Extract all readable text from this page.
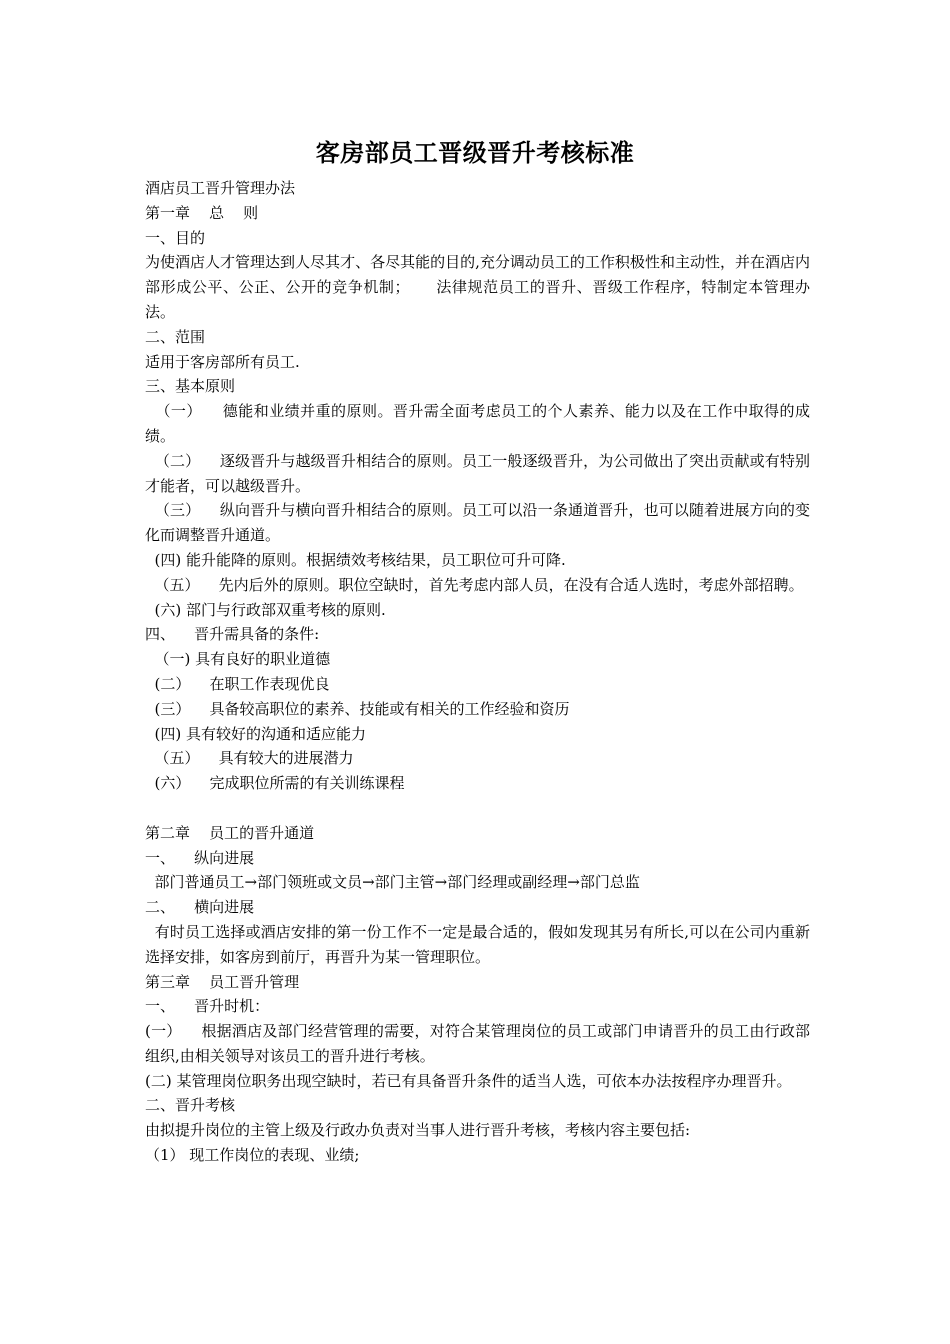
客房部员工晋级晋升考核标准

酒店员工晋升管理办法

第一章    总    则

一、目的

为使酒店人才管理达到人尽其才、各尽其能的目的,充分调动员工的工作积极性和主动性，并在酒店内部形成公平、公正、公开的竞争机制；     法律规范员工的晋升、晋级工作程序，特制定本管理办法。

二、范围

适用于客房部所有员工.

三、基本原则

（一）    德能和业绩并重的原则。晋升需全面考虑员工的个人素养、能力以及在工作中取得的成绩。

（二）    逐级晋升与越级晋升相结合的原则。员工一般逐级晋升，为公司做出了突出贡献或有特别才能者，可以越级晋升。

（三）    纵向晋升与横向晋升相结合的原则。员工可以沿一条通道晋升，也可以随着进展方向的变化而调整晋升通道。

(四) 能升能降的原则。根据绩效考核结果，员工职位可升可降.

（五）    先内后外的原则。职位空缺时，首先考虑内部人员，在没有合适人选时，考虑外部招聘。

(六) 部门与行政部双重考核的原则.

四、    晋升需具备的条件:

（一) 具有良好的职业道德

(二）    在职工作表现优良

(三）    具备较高职位的素养、技能或有相关的工作经验和资历

(四) 具有较好的沟通和适应能力

（五）    具有较大的进展潜力

(六）    完成职位所需的有关训练课程

第二章    员工的晋升通道

一、    纵向进展

部门普通员工→部门领班或文员→部门主管→部门经理或副经理→部门总监

二、    横向进展

有时员工选择或酒店安排的第一份工作不一定是最合适的，假如发现其另有所长,可以在公司内重新选择安排，如客房到前厅，再晋升为某一管理职位。

第三章    员工晋升管理

一、    晋升时机：

(一）    根据酒店及部门经营管理的需要，对符合某管理岗位的员工或部门申请晋升的员工由行政部组织,由相关领导对该员工的晋升进行考核。

(二) 某管理岗位职务出现空缺时，若已有具备晋升条件的适当人选，可依本办法按程序办理晋升。

二、晋升考核

由拟提升岗位的主管上级及行政办负责对当事人进行晋升考核，考核内容主要包括:

（1） 现工作岗位的表现、业绩;
